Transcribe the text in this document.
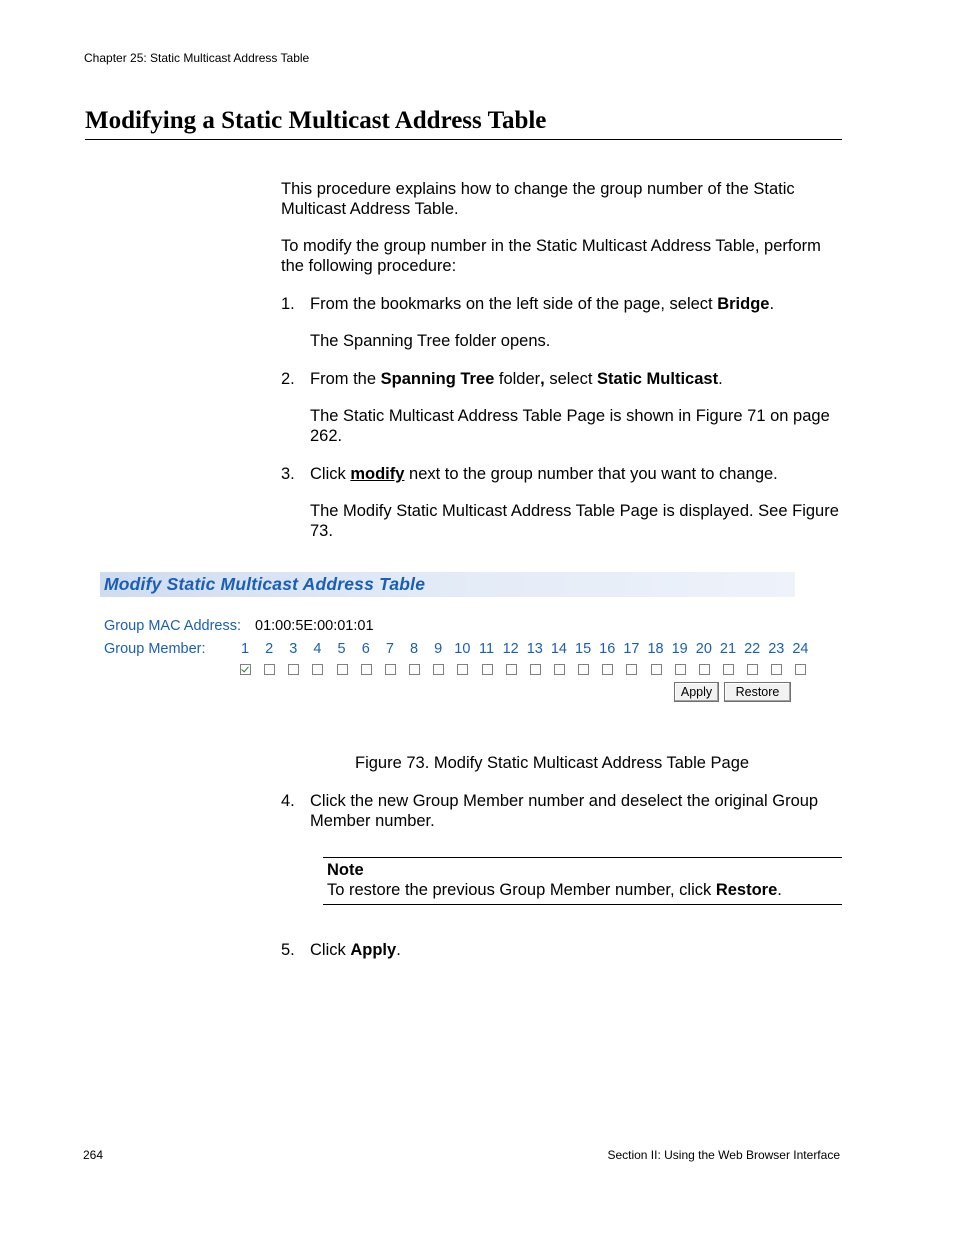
Chapter 25: Static Multicast Address Table
Modifying a Static Multicast Address Table
This procedure explains how to change the group number of the Static Multicast Address Table.
To modify the group number in the Static Multicast Address Table, perform the following procedure:
1. From the bookmarks on the left side of the page, select Bridge.
The Spanning Tree folder opens.
2. From the Spanning Tree folder, select Static Multicast.
The Static Multicast Address Table Page is shown in Figure 71 on page 262.
3. Click modify next to the group number that you want to change.
The Modify Static Multicast Address Table Page is displayed. See Figure 73.
Modify Static Multicast Address Table
Group MAC Address: 01:00:5E:00:01:01
Group Member:	1	2	3	4	5	6	7	8	9 10 11 12 13 14 15 16 17 18 19 20 21 22 23 24
Apply	Restore
Figure 73. Modify Static Multicast Address Table Page
4. Click the new Group Member number and deselect the original Group Member number.
Note
To restore the previous Group Member number, click Restore.
5. Click Apply.
264	Section II: Using the Web Browser Interface
